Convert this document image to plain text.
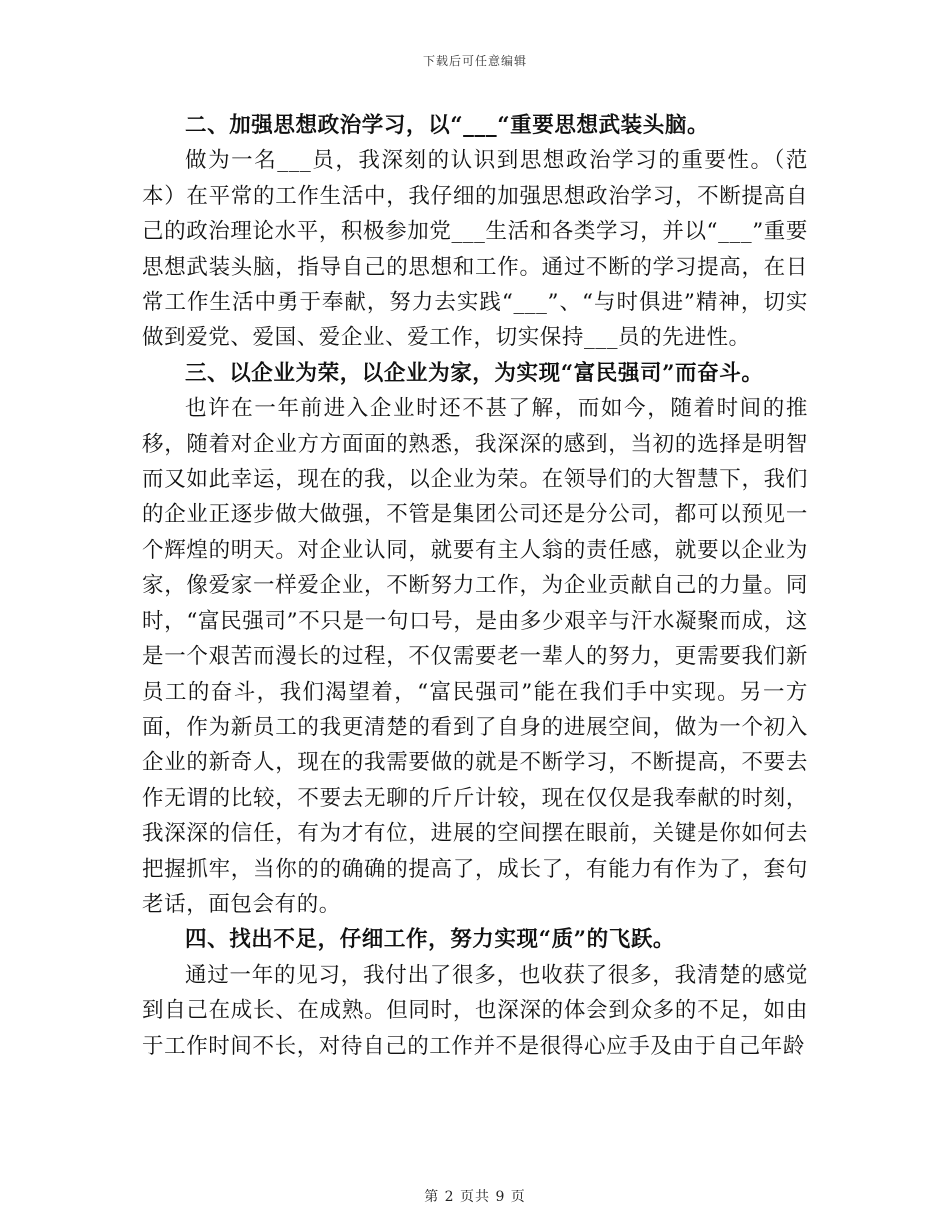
下载后可任意编辑

二、加强思想政治学习，以“___“重要思想武装头脑。

做为一名___员，我深刻的认识到思想政治学习的重要性。（范本）在平常的工作生活中，我仔细的加强思想政治学习，不断提高自己的政治理论水平，积极参加党___生活和各类学习，并以“___”重要思想武装头脑，指导自己的思想和工作。通过不断的学习提高，在日常工作生活中勇于奉献，努力去实践“___”、“与时俱进”精神，切实做到爱党、爱国、爱企业、爱工作，切实保持___员的先进性。

三、以企业为荣，以企业为家，为实现“富民强司”而奋斗。

也许在一年前进入企业时还不甚了解，而如今，随着时间的推移，随着对企业方方面面的熟悉，我深深的感到，当初的选择是明智而又如此幸运，现在的我，以企业为荣。在领导们的大智慧下，我们的企业正逐步做大做强，不管是集团公司还是分公司，都可以预见一个辉煌的明天。对企业认同，就要有主人翁的责任感，就要以企业为家，像爱家一样爱企业，不断努力工作，为企业贡献自己的力量。同时，“富民强司”不只是一句口号，是由多少艰辛与汗水凝聚而成，这是一个艰苦而漫长的过程，不仅需要老一辈人的努力，更需要我们新员工的奋斗，我们渴望着，“富民强司”能在我们手中实现。另一方面，作为新员工的我更清楚的看到了自身的进展空间，做为一个初入企业的新奇人，现在的我需要做的就是不断学习，不断提高，不要去作无谓的比较，不要去无聊的斤斤计较，现在仅仅是我奉献的时刻，我深深的信任，有为才有位，进展的空间摆在眼前，关键是你如何去把握抓牢，当你的的确确的提高了，成长了，有能力有作为了，套句老话，面包会有的。

四、找出不足，仔细工作，努力实现“质”的飞跃。

通过一年的见习，我付出了很多，也收获了很多，我清楚的感觉到自己在成长、在成熟。但同时，也深深的体会到众多的不足，如由于工作时间不长，对待自己的工作并不是很得心应手及由于自己年龄

第 2 页共 9 页
